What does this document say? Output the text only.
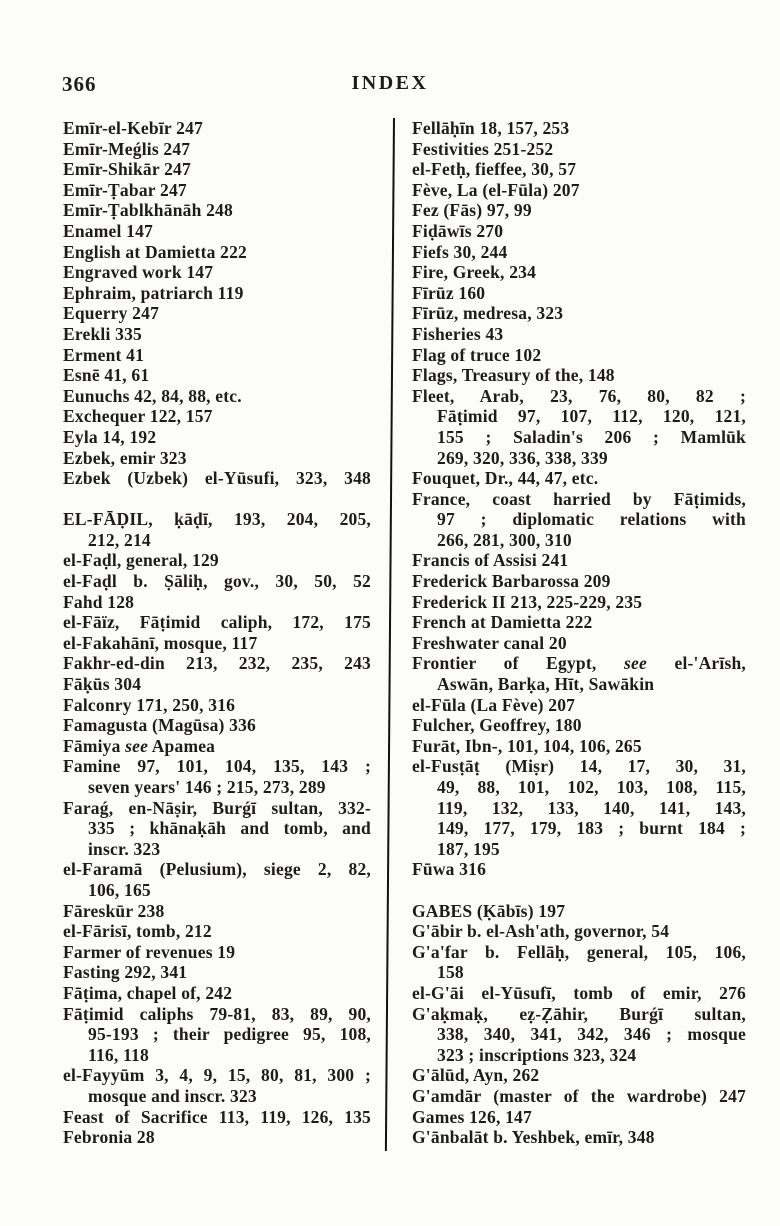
366	INDEX
Emīr-el-Kebīr 247
Emīr-Meǵlis 247
Emīr-Shikār 247
Emīr-Ṭabar 247
Emīr-Ṭablkhānāh 248
Enamel 147
English at Damietta 222
Engraved work 147
Ephraim, patriarch 119
Equerry 247
Erekli 335
Erment 41
Esnē 41, 61
Eunuchs 42, 84, 88, etc.
Exchequer 122, 157
Eyla 14, 192
Ezbek, emir 323
Ezbek (Uzbek) el-Yūsufi, 323, 348
EL-FĀḌIL, ḳāḍī, 193, 204, 205,
212, 214
el-Faḍl, general, 129
el-Faḍl b. Ṣāliḥ, gov., 30, 50, 52
Fahd 128
el-Fāïz, Fāṭimid caliph, 172, 175
el-Fakahānī, mosque, 117
Fakhr-ed-din 213, 232, 235, 243
Fāḳūs 304
Falconry 171, 250, 316
Famagusta (Magūsa) 336
Fāmiya see Apamea
Famine 97, 101, 104, 135, 143 ;
seven years' 146 ; 215, 273, 289
Faraǵ, en-Nāṣir, Burǵī sultan, 332-
335 ; khānaḳāh and tomb, and
inscr. 323
el-Faramā (Pelusium), siege 2, 82,
106, 165
Fāreskūr 238
el-Fārisī, tomb, 212
Farmer of revenues 19
Fasting 292, 341
Fāṭima, chapel of, 242
Fāṭimid caliphs 79-81, 83, 89, 90,
95-193 ; their pedigree 95, 108,
116, 118
el-Fayyūm 3, 4, 9, 15, 80, 81, 300 ;
mosque and inscr. 323
Feast of Sacrifice 113, 119, 126, 135
Febronia 28
Fellāḥīn 18, 157, 253
Festivities 251-252
el-Fetḥ, fieffee, 30, 57
Fève, La (el-Fūla) 207
Fez (Fās) 97, 99
Fiḍāwīs 270
Fiefs 30, 244
Fire, Greek, 234
Fīrūz 160
Fīrūz, medresa, 323
Fisheries 43
Flag of truce 102
Flags, Treasury of the, 148
Fleet, Arab, 23, 76, 80, 82 ;
Fāṭimid 97, 107, 112, 120, 121,
155 ; Saladin's 206 ; Mamlūk
269, 320, 336, 338, 339
Fouquet, Dr., 44, 47, etc.
France, coast harried by Fāṭimids,
97 ; diplomatic relations with
266, 281, 300, 310
Francis of Assisi 241
Frederick Barbarossa 209
Frederick II 213, 225-229, 235
French at Damietta 222
Freshwater canal 20
Frontier of Egypt, see el-'Arīsh,
Aswān, Barḳa, Hīt, Sawākin
el-Fūla (La Fève) 207
Fulcher, Geoffrey, 180
Furāt, Ibn-, 101, 104, 106, 265
el-Fusṭāṭ (Miṣr) 14, 17, 30, 31,
49, 88, 101, 102, 103, 108, 115,
119, 132, 133, 140, 141, 143,
149, 177, 179, 183 ; burnt 184 ;
187, 195
Fūwa 316
GABES (Ḳābīs) 197
G'ābir b. el-Ash'ath, governor, 54
G'a'far b. Fellāḥ, general, 105, 106,
158
el-G'āi el-Yūsufī, tomb of emir, 276
G'aḳmaḳ, eẓ-Ẓāhir, Burǵī sultan,
338, 340, 341, 342, 346 ; mosque
323 ; inscriptions 323, 324
G'ālūd, Ayn, 262
G'amdār (master of the wardrobe) 247
Games 126, 147
G'ānbalāt b. Yeshbek, emīr, 348
